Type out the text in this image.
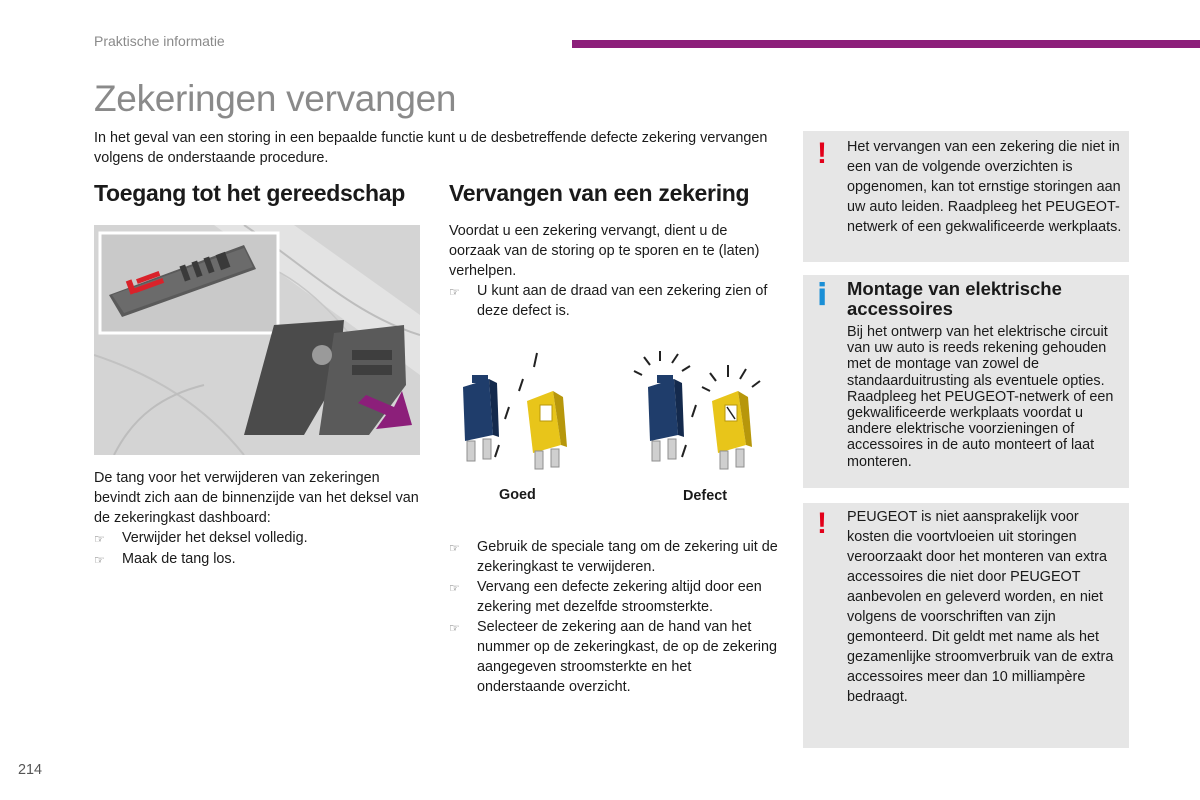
Praktische informatie
Zekeringen vervangen
In het geval van een storing in een bepaalde functie kunt u de desbetreffende defecte zekering vervangen volgens de onderstaande procedure.
Toegang tot het gereedschap Vervangen van een zekering
De tang voor het verwijderen van zekeringen bevindt zich aan de binnenzijde van het deksel van de zekeringkast dashboard:
☞	Verwijder het deksel volledig.
☞	Maak de tang los.
Voordat u een zekering vervangt, dient u de oorzaak van de storing op te sporen en te (laten) verhelpen.
☞	U kunt aan de draad van een zekering zien of deze defect is.
Goed	Defect
☞	Gebruik de speciale tang om de zekering uit de zekeringkast te verwijderen.
☞	Vervang een defecte zekering altijd door een zekering met dezelfde stroomsterkte.
☞	Selecteer de zekering aan de hand van het nummer op de zekeringkast, de op de zekering aangegeven stroomsterkte en het onderstaande overzicht.
! Het vervangen van een zekering die niet in een van de volgende overzichten is opgenomen, kan tot ernstige storingen aan uw auto leiden. Raadpleeg het PEUGEOT-netwerk of een gekwalificeerde werkplaats.
i Montage van elektrische accessoires
Bij het ontwerp van het elektrische circuit van uw auto is reeds rekening gehouden met de montage van zowel de standaarduitrusting als eventuele opties.
Raadpleeg het PEUGEOT-netwerk of een gekwalificeerde werkplaats voordat u andere elektrische voorzieningen of accessoires in de auto monteert of laat monteren.
! PEUGEOT is niet aansprakelijk voor kosten die voortvloeien uit storingen veroorzaakt door het monteren van extra accessoires die niet door PEUGEOT aanbevolen en geleverd worden, en niet volgens de voorschriften van zijn gemonteerd. Dit geldt met name als het gezamenlijke stroomverbruik van de extra accessoires meer dan 10 milliampère bedraagt.
214
